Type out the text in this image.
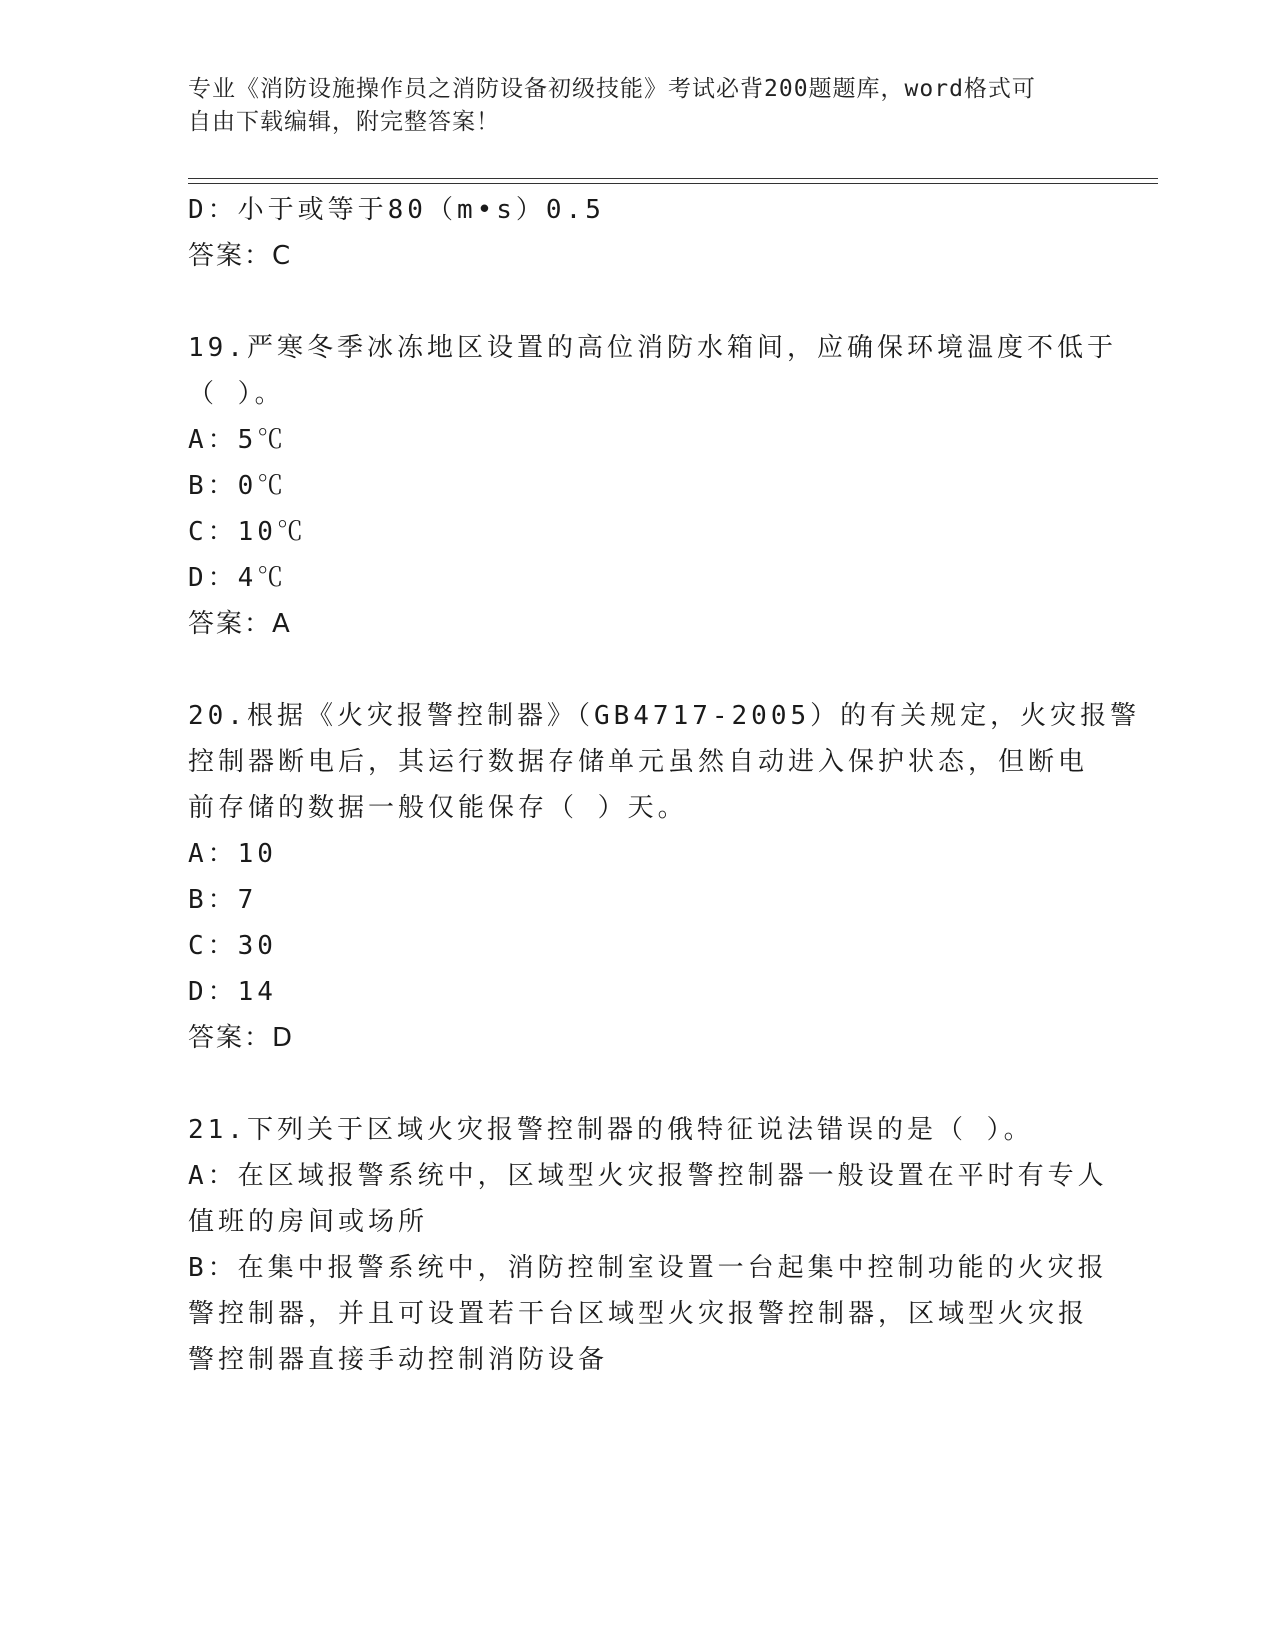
专业《消防设施操作员之消防设备初级技能》考试必背200题题库，word格式可
自由下载编辑，附完整答案！
D：小于或等于80（m•s）0.5
答案：C
19.严寒冬季冰冻地区设置的高位消防水箱间，应确保环境温度不低于
（ ）。
A：5℃
B：0℃
C：10℃
D：4℃
答案：A
20.根据《火灾报警控制器》（GB4717-2005）的有关规定，火灾报警
控制器断电后，其运行数据存储单元虽然自动进入保护状态，但断电
前存储的数据一般仅能保存（ ）天。
A：10
B：7
C：30
D：14
答案：D
21.下列关于区域火灾报警控制器的俄特征说法错误的是（ ）。
A：在区域报警系统中，区域型火灾报警控制器一般设置在平时有专人
值班的房间或场所
B：在集中报警系统中，消防控制室设置一台起集中控制功能的火灾报
警控制器，并且可设置若干台区域型火灾报警控制器，区域型火灾报
警控制器直接手动控制消防设备
